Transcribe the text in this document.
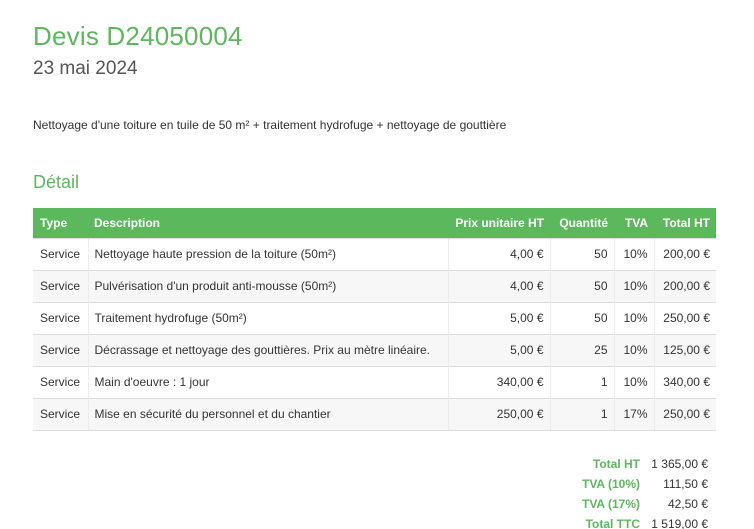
Devis D24050004
23 mai 2024

Nettoyage d'une toiture en tuile de 50 m² + traitement hydrofuge + nettoyage de gouttière

Détail
Type	Description	Prix unitaire HT	Quantité	TVA	Total HT
Service	Nettoyage haute pression de la toiture (50m²)	4,00 €	50	10%	200,00 €
Service	Pulvérisation d'un produit anti-mousse (50m²)	4,00 €	50	10%	200,00 €
Service	Traitement hydrofuge (50m²)	5,00 €	50	10%	250,00 €
Service	Décrassage et nettoyage des gouttières. Prix au mètre linéaire.	5,00 €	25	10%	125,00 €
Service	Main d'oeuvre : 1 jour	340,00 €	1	10%	340,00 €
Service	Mise en sécurité du personnel et du chantier	250,00 €	1	17%	250,00 €
Total HT 1 365,00 €
TVA (10%)	111,50 €
TVA (17%)	42,50 €
Total TTC 1 519,00 €
